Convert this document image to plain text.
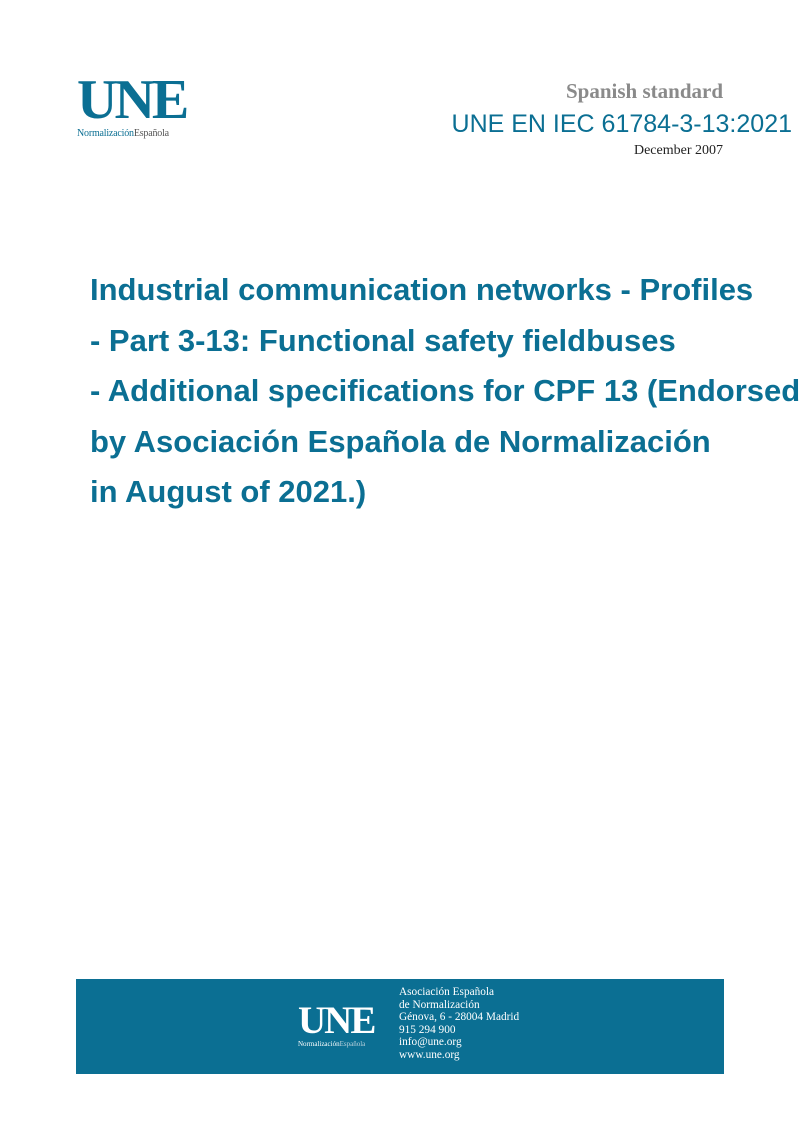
UNE
NormalizaciónEspañola
Spanish standard
UNE EN IEC 61784-3-13:2021
December 2007
Industrial communication networks - Profiles
- Part 3-13: Functional safety fieldbuses
- Additional specifications for CPF 13 (Endorsed
by Asociación Española de Normalización
in August of 2021.)
UNE
NormalizaciónEspañola
Asociación Española
de Normalización
Génova, 6 - 28004 Madrid
915 294 900
info@une.org
www.une.org
